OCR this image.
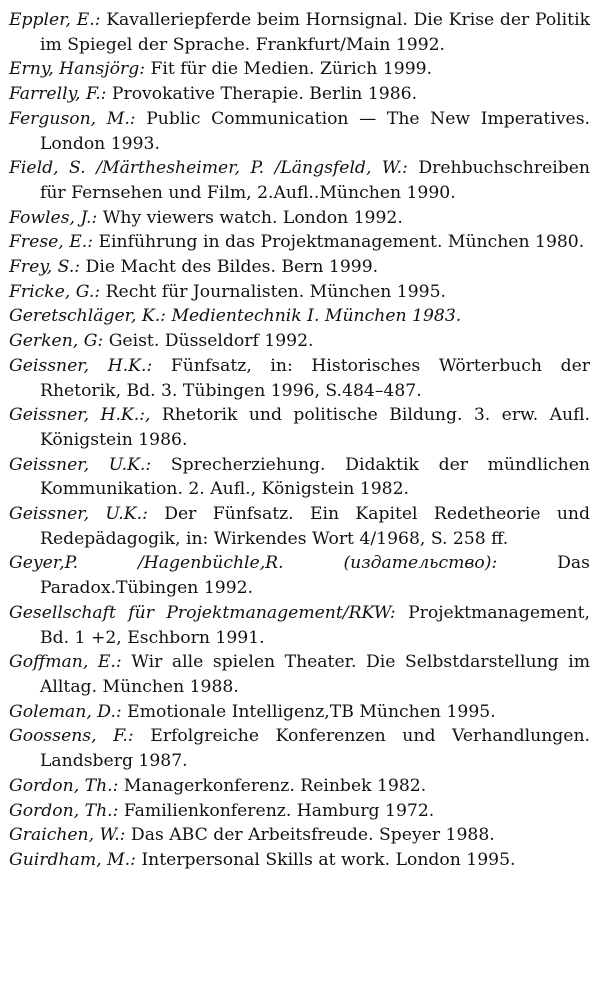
Eppler, E.: Kavalleriepferde beim Hornsignal. Die Krise der Politik im Spiegel der Sprache. Frankfurt/Main 1992.

Erny, Hansjörg: Fit für die Medien. Zürich 1999.

Farrelly, F.: Provokative Therapie. Berlin 1986.

Ferguson, M.: Public Communication — The New Imperatives. London 1993.

Field, S. /Märthesheimer, P. /Längsfeld, W.: Drehbuchschreiben für Fernsehen und Film, 2.Aufl..München 1990.

Fowles, J.: Why viewers watch. London 1992.

Frese, E.: Einführung in das Projektmanagement. München 1980.

Frey, S.: Die Macht des Bildes. Bern 1999.

Fricke, G.: Recht für Journalisten. München 1995.

Geretschläger, K.: Medientechnik I. München 1983.

Gerken, G: Geist. Düsseldorf 1992.

Geissner, H.K.: Fünfsatz, in: Historisches Wörterbuch der Rhetorik, Bd. 3. Tübingen 1996, S.484–487.

Geissner, H.K.:, Rhetorik und politische Bildung. 3. erw. Aufl. Königstein 1986.

Geissner, U.K.: Sprecherziehung. Didaktik der mündlichen Kommunikation. 2. Aufl., Königstein 1982.

Geissner, U.K.: Der Fünfsatz. Ein Kapitel Redetheorie und Redepädagogik, in: Wirkendes Wort 4/1968, S. 258 ff.

Geyer,P. /Hagenbüchle,R. (издательство): Das Paradox.Tübingen 1992.

Gesellschaft für Projektmanagement/RKW: Projektmanagement, Bd. 1 +2, Eschborn 1991.

Goffman, E.: Wir alle spielen Theater. Die Selbstdarstellung im Alltag. München 1988.

Goleman, D.: Emotionale Intelligenz,TB München 1995.

Goossens, F.: Erfolgreiche Konferenzen und Verhandlungen. Landsberg 1987.

Gordon, Th.: Managerkonferenz. Reinbek 1982.

Gordon, Th.: Familienkonferenz. Hamburg 1972.

Graichen, W.: Das ABC der Arbeitsfreude. Speyer 1988.

Guirdham, M.: Interpersonal Skills at work. London 1995.
